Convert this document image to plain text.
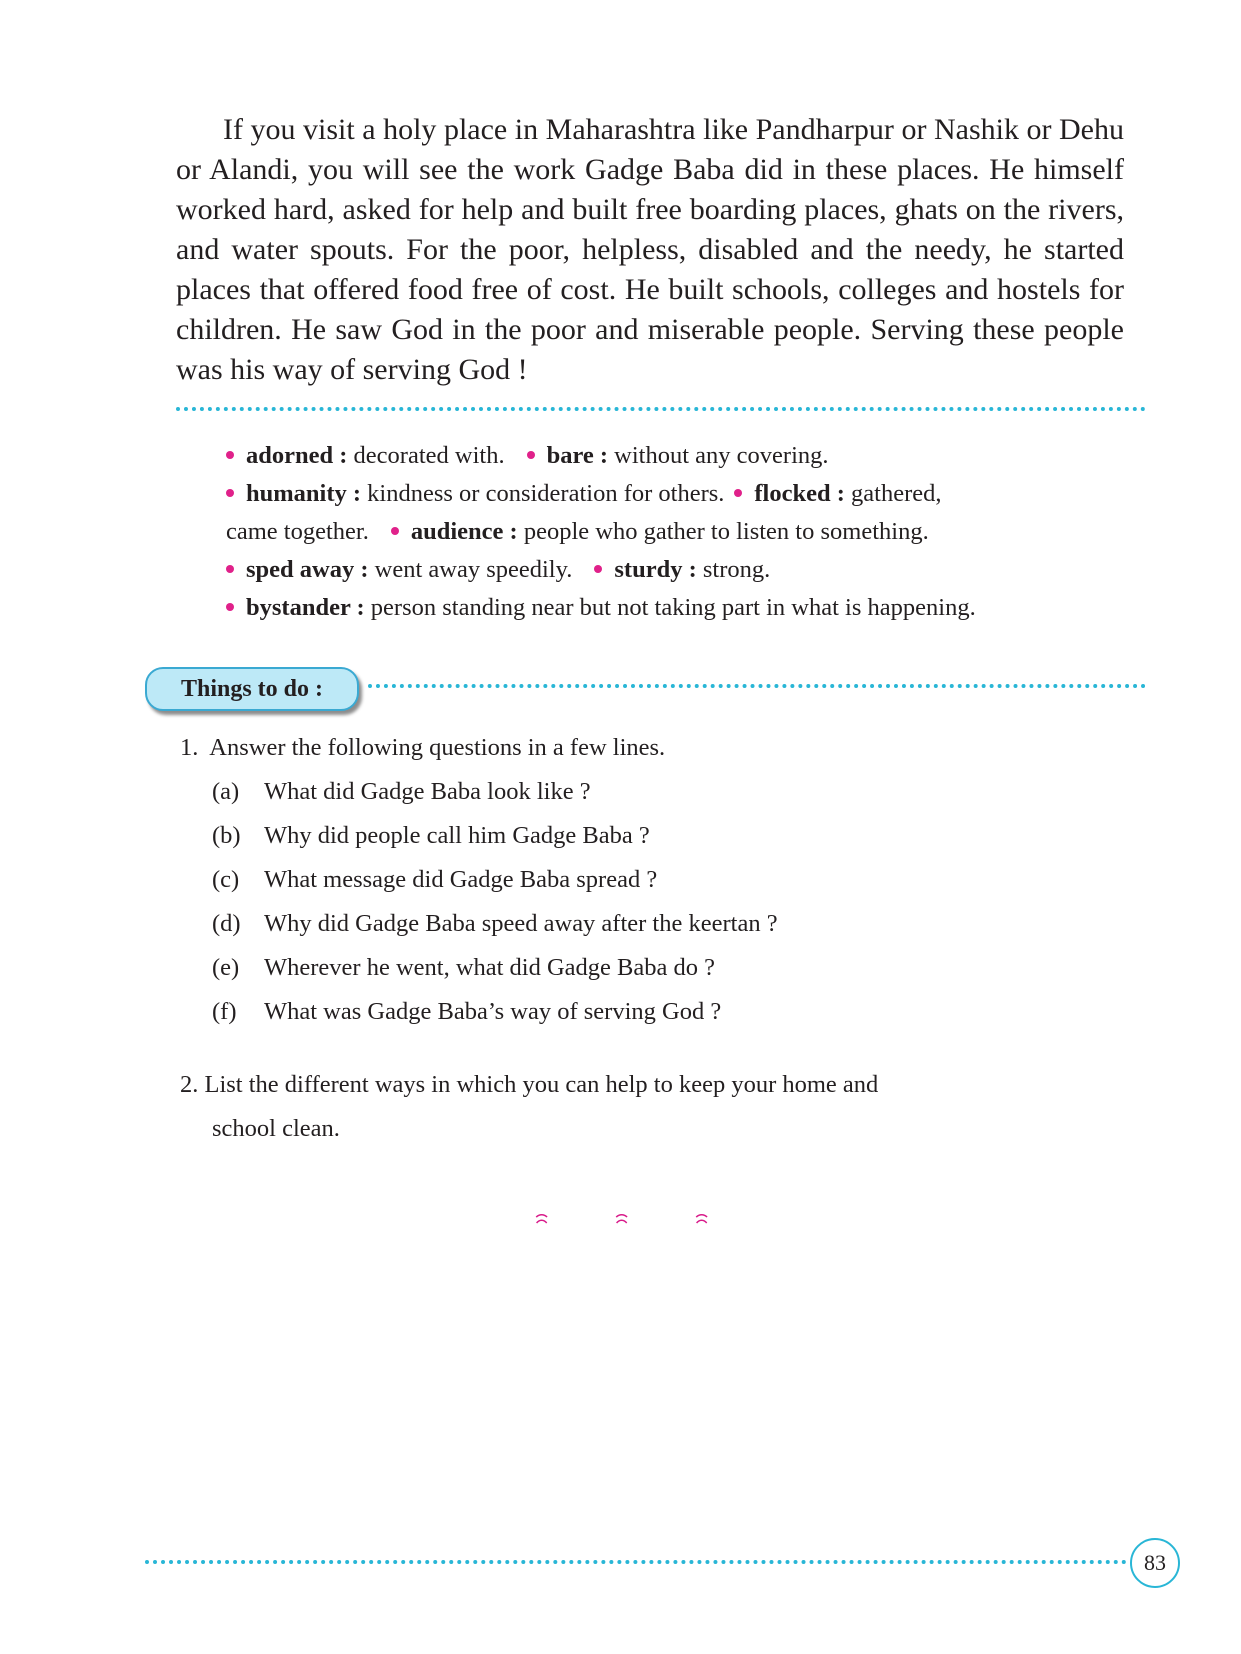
If you visit a holy place in Maharashtra like Pandharpur or Nashik or Dehu or Alandi, you will see the work Gadge Baba did in these places. He himself worked hard, asked for help and built free boarding places, ghats on the rivers, and water spouts. For the poor, helpless, disabled and the needy, he started places that offered food free of cost. He built schools, colleges and hostels for children. He saw God in the poor and miserable people. Serving these people was his way of serving God !

adorned : decorated with. bare : without any covering.
humanity : kindness or consideration for others. flocked : gathered,
came together. audience : people who gather to listen to something.
sped away : went away speedily. sturdy : strong.
bystander : person standing near but not taking part in what is happening.
Things to do :
1. Answer the following questions in a few lines.
(a) What did Gadge Baba look like ?
(b) Why did people call him Gadge Baba ?
(c) What message did Gadge Baba spread ?
(d) Why did Gadge Baba speed away after the keertan ?
(e) Wherever he went, what did Gadge Baba do ?
(f) What was Gadge Baba’s way of serving God ?
2. List the different ways in which you can help to keep your home and
school clean.
83
